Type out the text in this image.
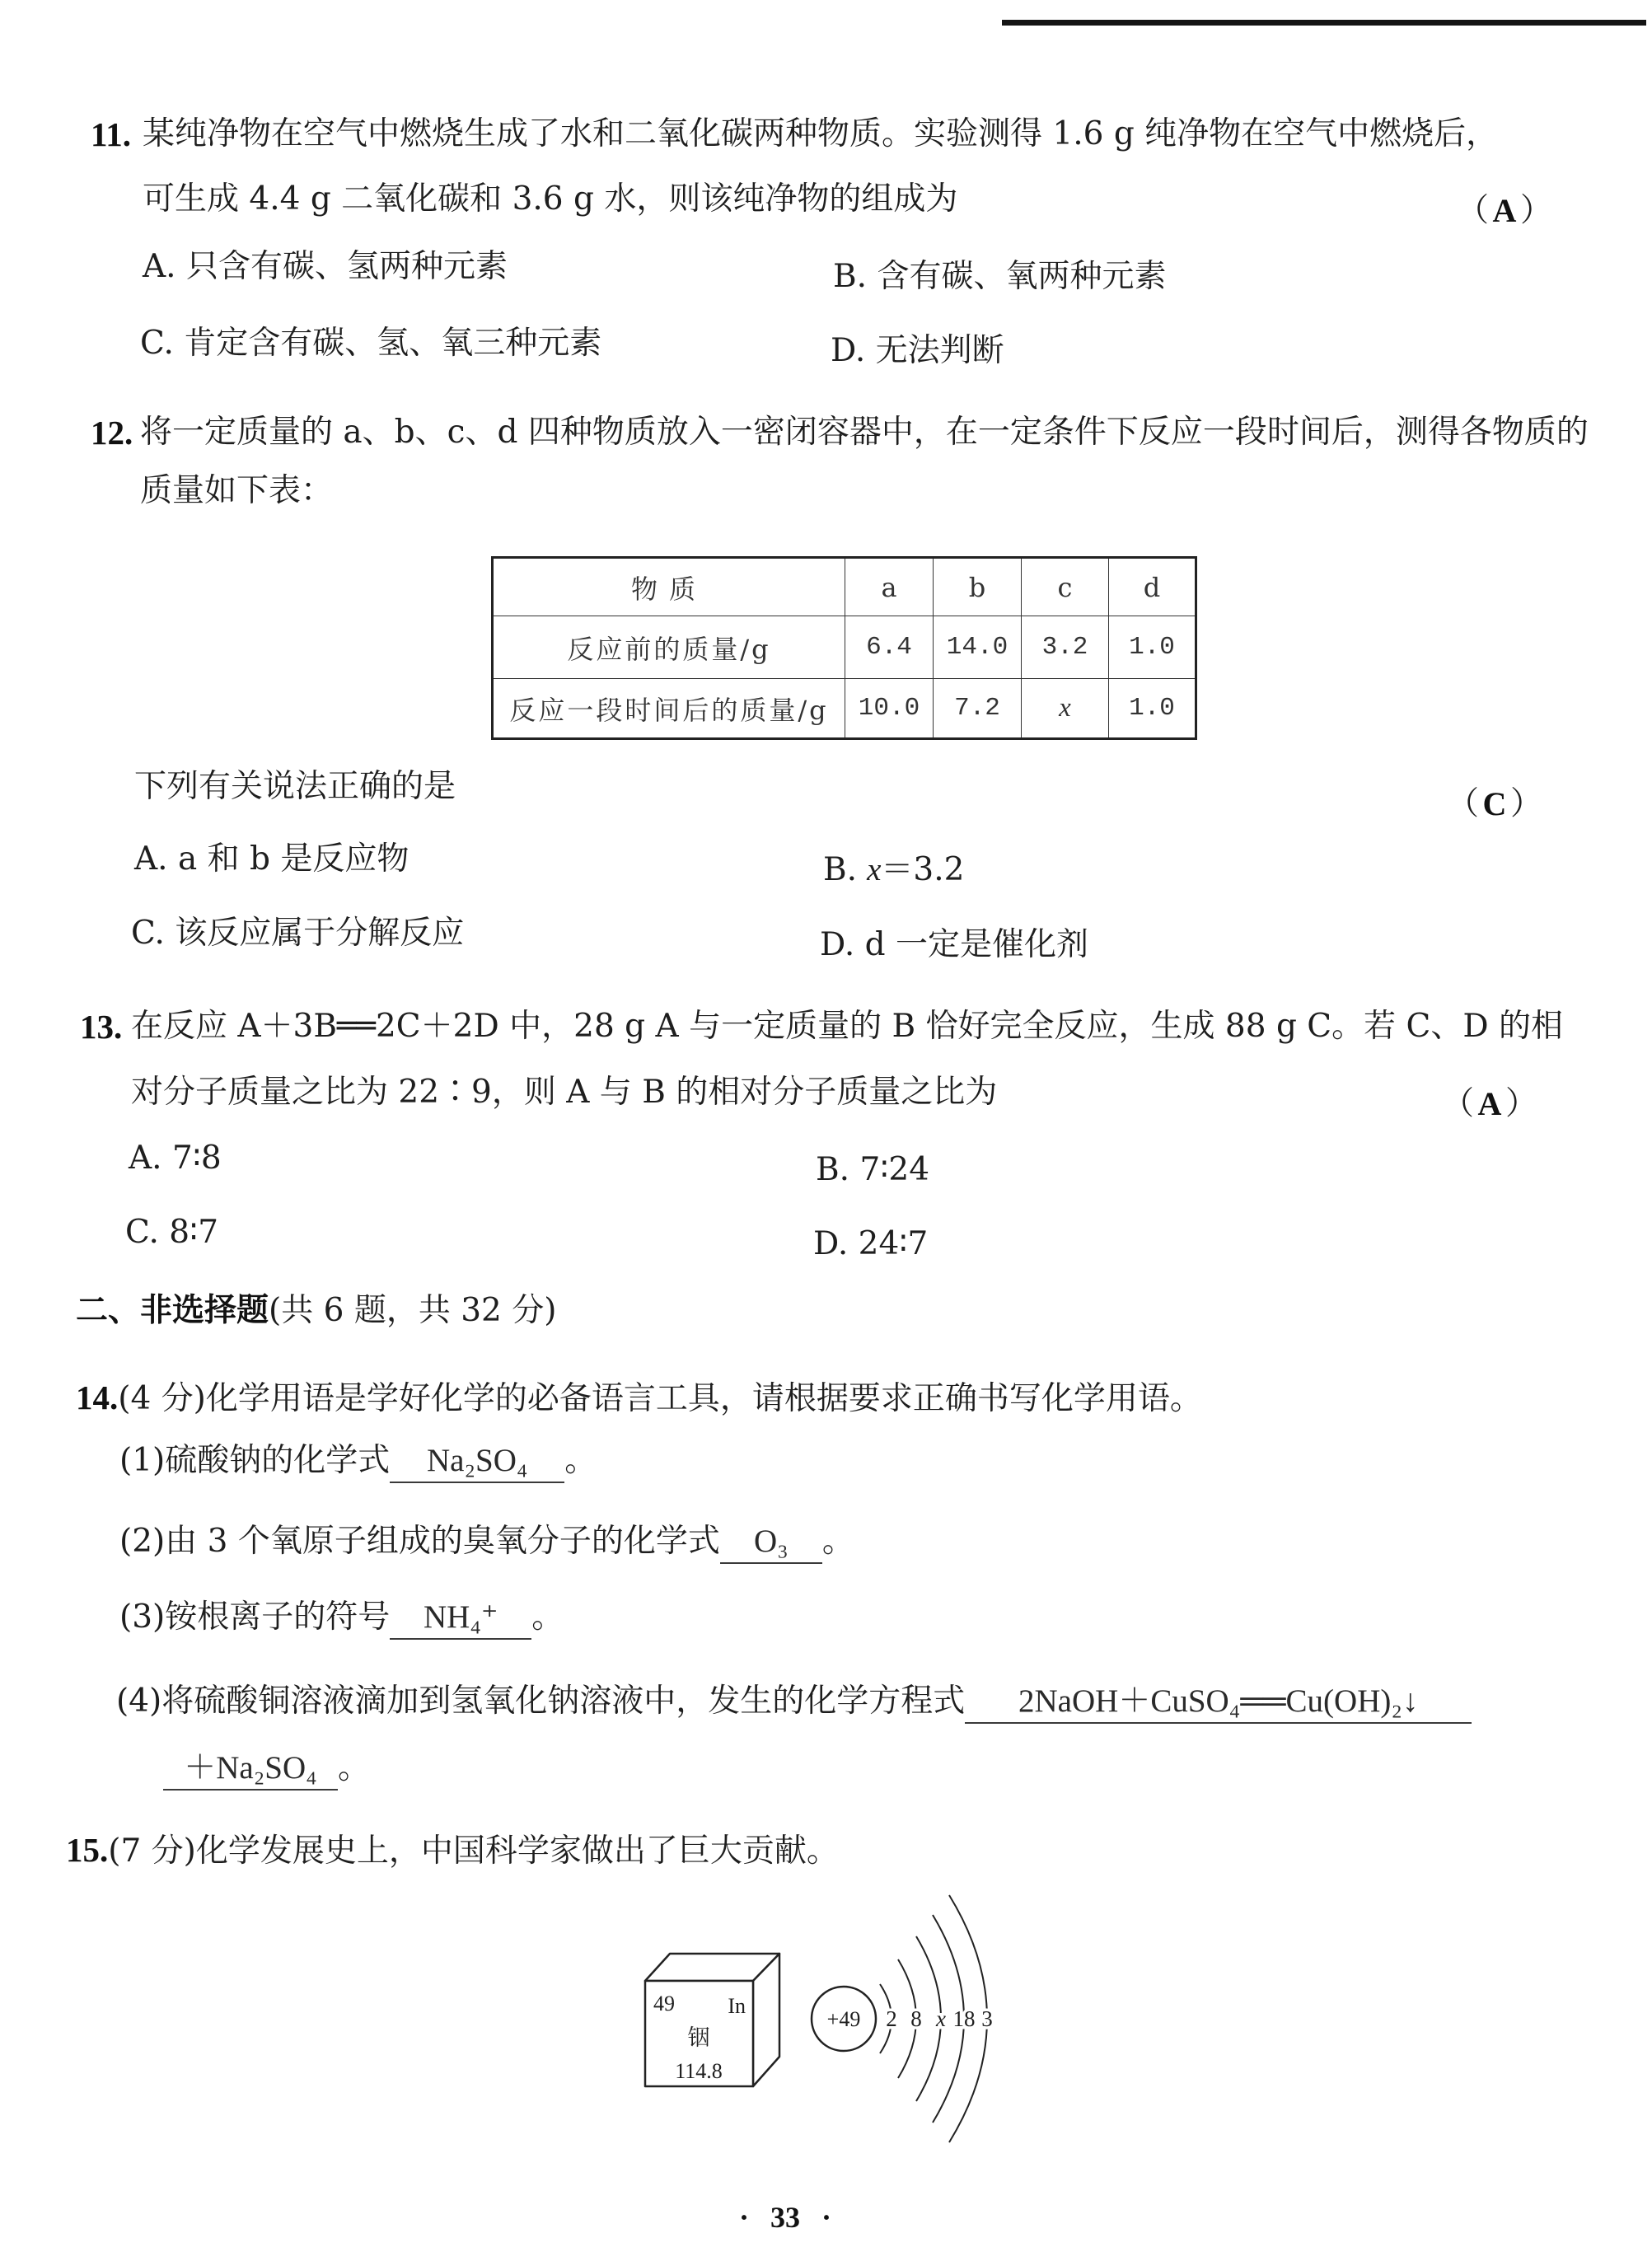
11. 某纯净物在空气中燃烧生成了水和二氧化碳两种物质。实验测得 1.6 g 纯净物在空气中燃烧后，
可生成 4.4 g 二氧化碳和 3.6 g 水，则该纯净物的组成为	（ A ）
A. 只含有碳、氢两种元素	B. 含有碳、氧两种元素
C. 肯定含有碳、氢、氧三种元素	D. 无法判断
12. 将一定质量的 a、b、c、d 四种物质放入一密闭容器中，在一定条件下反应一段时间后，测得各物质的
质量如下表：
物质	a	b	c	d
反应前的质量/g	6.4	14.0	3.2	1.0
反应一段时间后的质量/g	10.0	7.2	x	1.0
下列有关说法正确的是	（ C ）
A. a 和 b 是反应物	B. x＝3.2
C. 该反应属于分解反应	D. d 一定是催化剂
13. 在反应 A＋3B══2C＋2D 中，28 g A 与一定质量的 B 恰好完全反应，生成 88 g C。若 C、D 的相
对分子质量之比为 22∶9，则 A 与 B 的相对分子质量之比为	（ A ）
A. 7∶8	B. 7∶24
C. 8∶7	D. 24∶7
二、非选择题(共 6 题，共 32 分)
14.(4 分)化学用语是学好化学的必备语言工具，请根据要求正确书写化学用语。
(1)硫酸钠的化学式 Na₂SO₄ 。
(2)由 3 个氧原子组成的臭氧分子的化学式 O₃ 。
(3)铵根离子的符号 NH₄⁺ 。
(4)将硫酸铜溶液滴加到氢氧化钠溶液中，发生的化学方程式 2NaOH＋CuSO₄══Cu(OH)₂↓
＋Na₂SO₄ 。
15.(7 分)化学发展史上，中国科学家做出了巨大贡献。
49 In
铟
114.8
+49 2 8 x 18 3
· 33 ·
